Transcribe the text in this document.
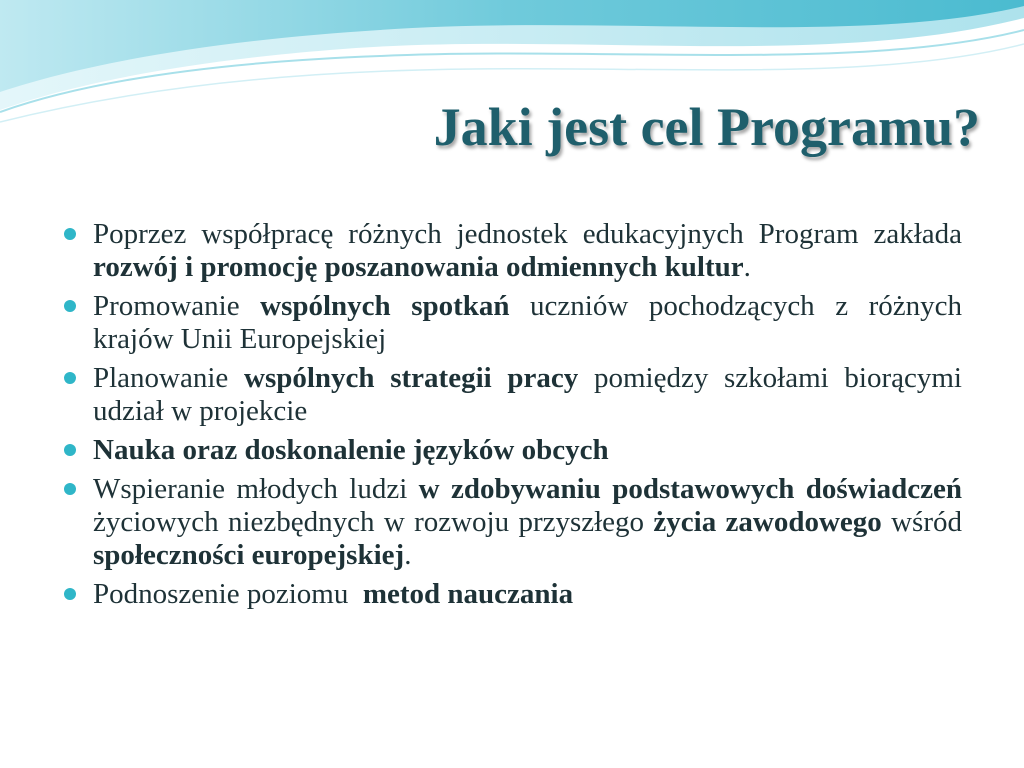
Jaki jest cel Programu?
Poprzez współpracę różnych jednostek edukacyjnych Program zakłada rozwój i promocję poszanowania odmiennych kultur.
Promowanie wspólnych spotkań uczniów pochodzących z różnych krajów Unii Europejskiej
Planowanie wspólnych strategii pracy pomiędzy szkołami biorącymi udział w projekcie
Nauka oraz doskonalenie języków obcych
Wspieranie młodych ludzi w zdobywaniu podstawowych doświadczeń życiowych niezbędnych w rozwoju przyszłego życia zawodowego wśród społeczności europejskiej.
Podnoszenie poziomu  metod nauczania
